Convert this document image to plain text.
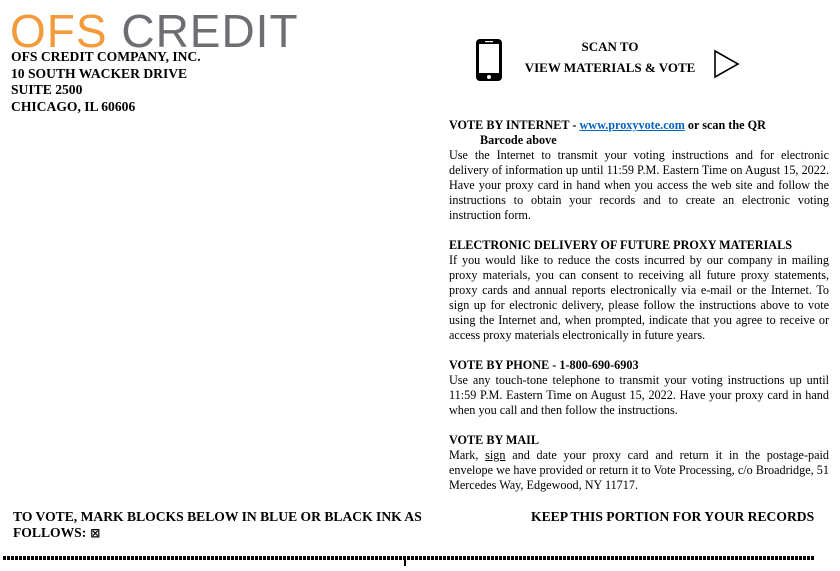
OFS CREDIT
OFS CREDIT COMPANY, INC.
10 SOUTH WACKER DRIVE
SUITE 2500
CHICAGO, IL 60606
SCAN TO
VIEW MATERIALS & VOTE
VOTE BY INTERNET - www.proxyvote.com or scan the QR
Barcode above
Use the Internet to transmit your voting instructions and for electronic delivery of information up until 11:59 P.M. Eastern Time on August 15, 2022. Have your proxy card in hand when you access the web site and follow the instructions to obtain your records and to create an electronic voting instruction form.
ELECTRONIC DELIVERY OF FUTURE PROXY MATERIALS
If you would like to reduce the costs incurred by our company in mailing proxy materials, you can consent to receiving all future proxy statements, proxy cards and annual reports electronically via e-mail or the Internet. To sign up for electronic delivery, please follow the instructions above to vote using the Internet and, when prompted, indicate that you agree to receive or access proxy materials electronically in future years.
VOTE BY PHONE - 1-800-690-6903
Use any touch-tone telephone to transmit your voting instructions up until 11:59 P.M. Eastern Time on August 15, 2022. Have your proxy card in hand when you call and then follow the instructions.
VOTE BY MAIL
Mark, sign and date your proxy card and return it in the postage-paid envelope we have provided or return it to Vote Processing, c/o Broadridge, 51 Mercedes Way, Edgewood, NY 11717.
TO VOTE, MARK BLOCKS BELOW IN BLUE OR BLACK INK AS FOLLOWS: ⊠
KEEP THIS PORTION FOR YOUR RECORDS
